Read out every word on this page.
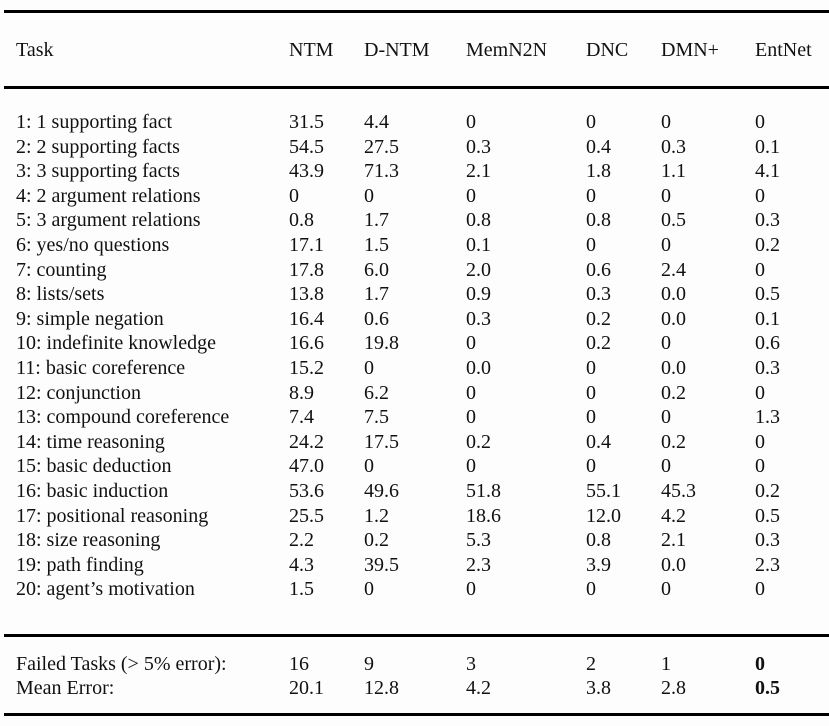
Task	NTM	D-NTM	MemN2N	DNC	DMN+	EntNet
1: 1 supporting fact	31.5	4.4	0	0	0	0
2: 2 supporting facts	54.5	27.5	0.3	0.4	0.3	0.1
3: 3 supporting facts	43.9	71.3	2.1	1.8	1.1	4.1
4: 2 argument relations	0	0	0	0	0	0
5: 3 argument relations	0.8	1.7	0.8	0.8	0.5	0.3
6: yes/no questions	17.1	1.5	0.1	0	0	0.2
7: counting	17.8	6.0	2.0	0.6	2.4	0
8: lists/sets	13.8	1.7	0.9	0.3	0.0	0.5
9: simple negation	16.4	0.6	0.3	0.2	0.0	0.1
10: indefinite knowledge	16.6	19.8	0	0.2	0	0.6
11: basic coreference	15.2	0	0.0	0	0.0	0.3
12: conjunction	8.9	6.2	0	0	0.2	0
13: compound coreference	7.4	7.5	0	0	0	1.3
14: time reasoning	24.2	17.5	0.2	0.4	0.2	0
15: basic deduction	47.0	0	0	0	0	0
16: basic induction	53.6	49.6	51.8	55.1	45.3	0.2
17: positional reasoning	25.5	1.2	18.6	12.0	4.2	0.5
18: size reasoning	2.2	0.2	5.3	0.8	2.1	0.3
19: path finding	4.3	39.5	2.3	3.9	0.0	2.3
20: agent’s motivation	1.5	0	0	0	0	0
Failed Tasks (> 5% error):	16	9	3	2	1	0
Mean Error:	20.1	12.8	4.2	3.8	2.8	0.5
